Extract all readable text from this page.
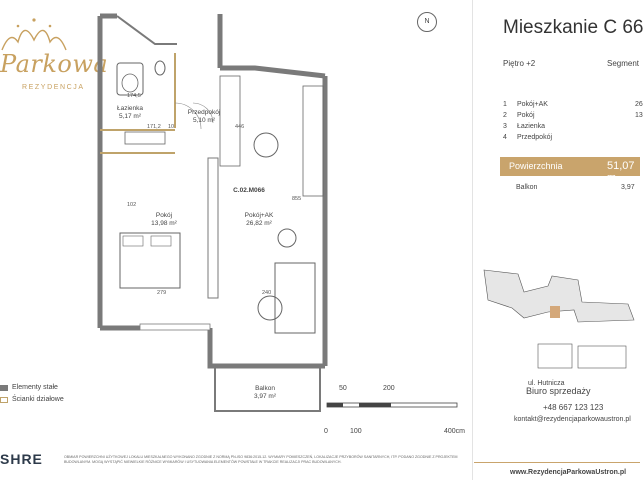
Parkowa
REZYDENCJA
Łazienka
5,17 m²
Przedpokój
5,10 m²
Pokój
13,98 m²
Pokój+AK
26,82 m²
C.02.M066
Balkon
3,97 m²
174,5
171,2 10	446
102
279	240
855
N
Elementy stałe
Ścianki działowe
50	200
0	100	400cm
SHRE	OBMIAR POWIERZCHNI UŻYTKOWEJ LOKALU MIESZKALNEGO WYKONANO ZGODNIE Z NORMĄ PN-ISO 9836:2015-12. WYMIARY POMIESZCZEŃ, LOKALIZACJE PRZYBORÓW SANITARNYCH, ITP. PODANO ZGODNIE Z PROJEKTEM BUDOWLANYM. MOGĄ WYSTĄPIĆ NIEWIELKIE RÓŻNICE WYMIARÓW I USYTUOWANIA ELEMENTÓW POWSTAŁE W TRAKCIE REALIZACJI PRAC BUDOWLANYCH.
Mieszkanie C 66
Piętro +2	Segment
1 Pokój+AK	26
2 Pokój	13
3 Łazienka
4 Przedpokój
Powierzchnia	51,07 m
Balkon	3,97
ul. Hutnicza
Biuro sprzedaży
+48 667 123 123
kontakt@rezydencjaparkowaustron.pl
www.RezydencjaParkowaUstron.pl
